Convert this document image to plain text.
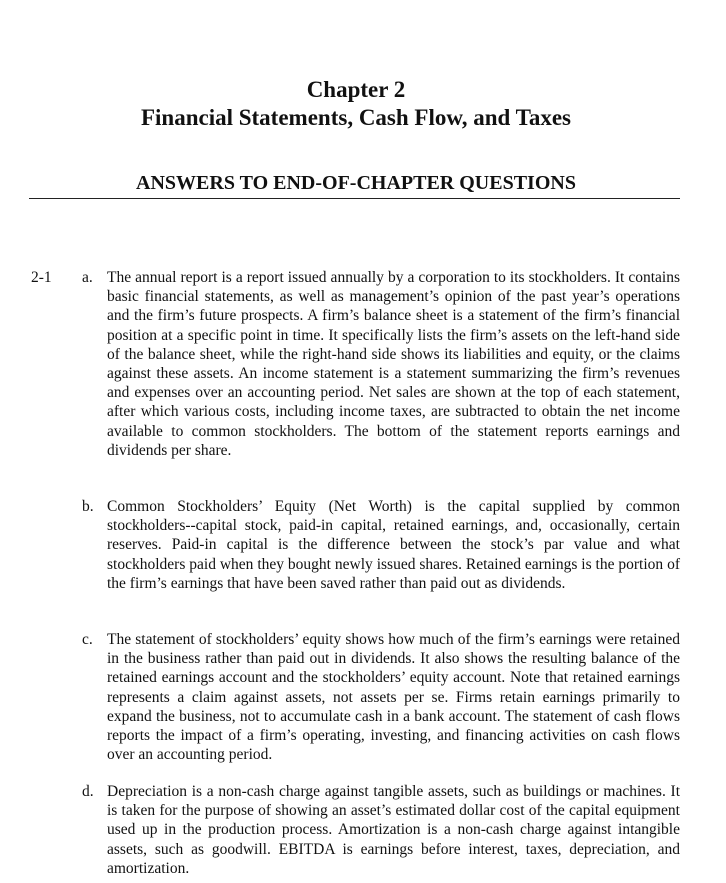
Chapter 2
Financial Statements, Cash Flow, and Taxes
ANSWERS TO END-OF-CHAPTER QUESTIONS
2-1 a. The annual report is a report issued annually by a corporation to its stockholders. It contains basic financial statements, as well as management’s opinion of the past year’s operations and the firm’s future prospects. A firm’s balance sheet is a statement of the firm’s financial position at a specific point in time. It specifically lists the firm’s assets on the left-hand side of the balance sheet, while the right-hand side shows its liabilities and equity, or the claims against these assets. An income statement is a statement summarizing the firm’s revenues and expenses over an accounting period. Net sales are shown at the top of each statement, after which various costs, including income taxes, are subtracted to obtain the net income available to common stockholders. The bottom of the statement reports earnings and dividends per share.

b. Common Stockholders’ Equity (Net Worth) is the capital supplied by common stockholders--capital stock, paid-in capital, retained earnings, and, occasionally, certain reserves. Paid-in capital is the difference between the stock’s par value and what stockholders paid when they bought newly issued shares. Retained earnings is the portion of the firm’s earnings that have been saved rather than paid out as dividends.

c. The statement of stockholders’ equity shows how much of the firm’s earnings were retained in the business rather than paid out in dividends. It also shows the resulting balance of the retained earnings account and the stockholders’ equity account. Note that retained earnings represents a claim against assets, not assets per se. Firms retain earnings primarily to expand the business, not to accumulate cash in a bank account. The statement of cash flows reports the impact of a firm’s operating, investing, and financing activities on cash flows over an accounting period.

d. Depreciation is a non-cash charge against tangible assets, such as buildings or machines. It is taken for the purpose of showing an asset’s estimated dollar cost of the capital equipment used up in the production process. Amortization is a non-cash charge against intangible assets, such as goodwill. EBITDA is earnings before interest, taxes, depreciation, and amortization.
